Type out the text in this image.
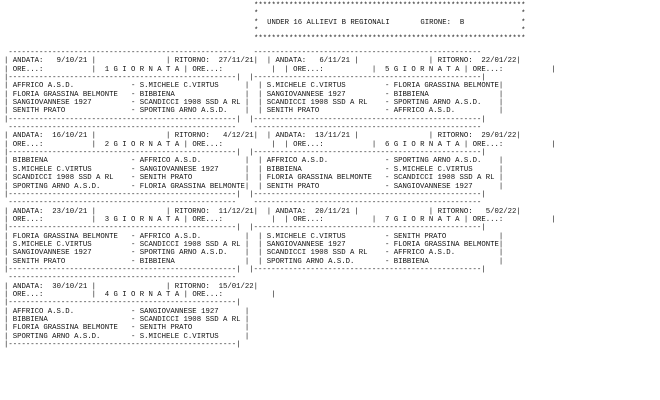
**************************************************************
*                                                            *
*  UNDER 16 ALLIEVI B REGIONALI	GIRONE: B	*
*                                                            *
**************************************************************
----------------------------------------------------    ----------------------------------------------------
| ANDATA: 9/10/21 |                | RITORNO: 27/11/21|  | ANDATA: 6/11/21 |                | RITORNO: 22/01/22|
| ORE...:           |  1 G I O R N A T A | ORE...:           |  | ORE...:           |  5 G I O R N A T A | ORE...:	|
|----------------------------------------------------|  |----------------------------------------------------|
| AFFRICO A.S.D.             - S.MICHELE C.VIRTUS      |  | S.MICHELE C.VIRTUS         - FLORIA GRASSINA BELMONTE|
| FLORIA GRASSINA BELMONTE   - BIBBIENA                |  | SANGIOVANNESE 1927         - BIBBIENA	|
| SANGIOVANNESE 1927         - SCANDICCI 1908 SSD A RL |  | SCANDICCI 1908 SSD A RL    - SPORTING ARNO A.S.D.    |
| SENITH PRATO               - SPORTING ARNO A.S.D.    |  | SENITH PRATO               - AFFRICO A.S.D.	|
|----------------------------------------------------|  |----------------------------------------------------|
----------------------------------------------------    ----------------------------------------------------
| ANDATA: 16/10/21 |                | RITORNO: 4/12/21|  | ANDATA: 13/11/21 |                | RITORNO: 29/01/22|
| ORE...:           |  2 G I O R N A T A | ORE...:           |  | ORE...:           |  6 G I O R N A T A | ORE...:	|
|----------------------------------------------------|  |----------------------------------------------------|
| BIBBIENA                   - AFFRICO A.S.D.          |  | AFFRICO A.S.D.             - SPORTING ARNO A.S.D.    |
| S.MICHELE C.VIRTUS         - SANGIOVANNESE 1927      |  | BIBBIENA                   - S.MICHELE C.VIRTUS	|
| SCANDICCI 1908 SSD A RL    - SENITH PRATO            |  | FLORIA GRASSINA BELMONTE   - SCANDICCI 1908 SSD A RL |
| SPORTING ARNO A.S.D.       - FLORIA GRASSINA BELMONTE|  | SENITH PRATO               - SANGIOVANNESE 1927	|
|----------------------------------------------------|  |----------------------------------------------------|
----------------------------------------------------    ----------------------------------------------------
| ANDATA: 23/10/21 |                | RITORNO: 11/12/21|  | ANDATA: 20/11/21 |                | RITORNO: 5/02/22|
| ORE...:           |  3 G I O R N A T A | ORE...:           |  | ORE...:           |  7 G I O R N A T A | ORE...:	|
|----------------------------------------------------|  |----------------------------------------------------|
| FLORIA GRASSINA BELMONTE   - AFFRICO A.S.D.          |  | S.MICHELE C.VIRTUS         - SENITH PRATO	|
| S.MICHELE C.VIRTUS         - SCANDICCI 1908 SSD A RL |  | SANGIOVANNESE 1927         - FLORIA GRASSINA BELMONTE|
| SANGIOVANNESE 1927         - SPORTING ARNO A.S.D.    |  | SCANDICCI 1908 SSD A RL    - AFFRICO A.S.D.	|
| SENITH PRATO               - BIBBIENA                |  | SPORTING ARNO A.S.D.       - BIBBIENA	|
|----------------------------------------------------|  |----------------------------------------------------|
----------------------------------------------------
| ANDATA: 30/10/21 |                | RITORNO: 15/01/22|
| ORE...:           |  4 G I O R N A T A | ORE...:	|
|----------------------------------------------------|
| AFFRICO A.S.D.             - SANGIOVANNESE 1927	|
| BIBBIENA                   - SCANDICCI 1908 SSD A RL |
| FLORIA GRASSINA BELMONTE   - SENITH PRATO	|
| SPORTING ARNO A.S.D.       - S.MICHELE C.VIRTUS	|
|----------------------------------------------------|
